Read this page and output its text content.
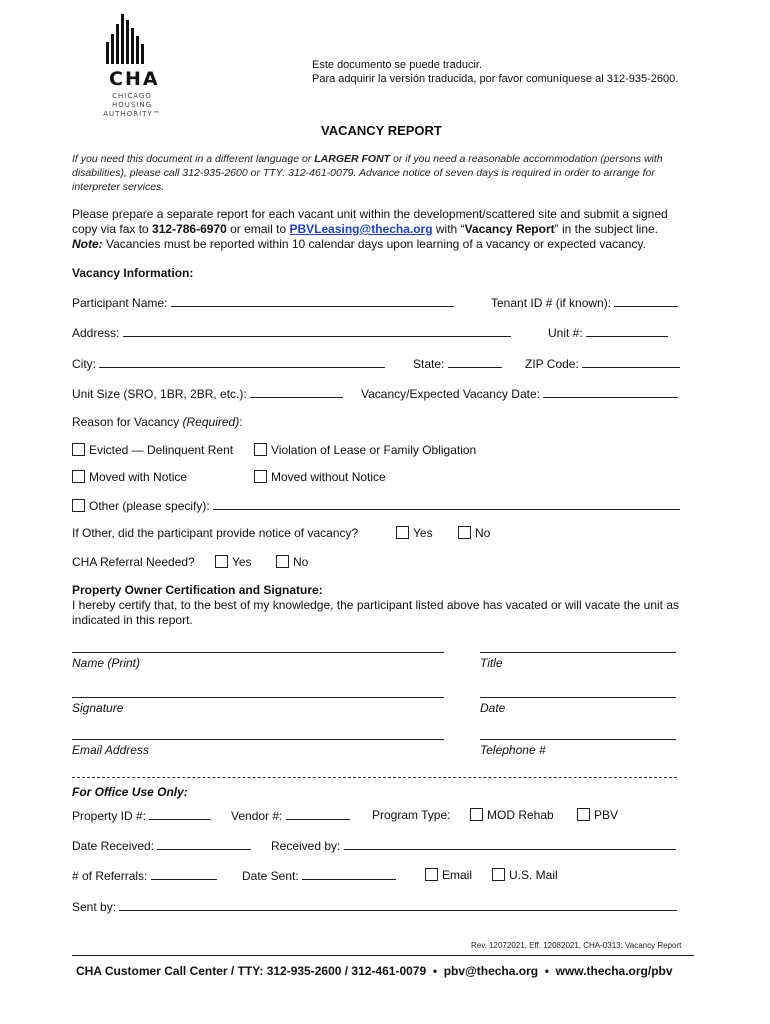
CHA
CHICAGO HOUSING AUTHORITY™
Este documento se puede traducir.
Para adquirir la versión traducida, por favor comuníquese al 312-935-2600.
VACANCY REPORT
If you need this document in a different language or LARGER FONT or if you need a reasonable accommodation (persons with disabilities), please call 312-935-2600 or TTY: 312-461-0079. Advance notice of seven days is required in order to arrange for interpreter services.
Please prepare a separate report for each vacant unit within the development/scattered site and submit a signed copy via fax to 312-786-6970 or email to PBVLeasing@thecha.org with “Vacancy Report” in the subject line.
Note: Vacancies must be reported within 10 calendar days upon learning of a vacancy or expected vacancy.
Vacancy Information:
Participant Name:	Tenant ID # (if known):
Address:	Unit #:
City:	State:	ZIP Code:
Unit Size (SRO, 1BR, 2BR, etc.):	Vacancy/Expected Vacancy Date:
Reason for Vacancy (Required):
Evicted — Delinquent Rent	Violation of Lease or Family Obligation
Moved with Notice	Moved without Notice
Other (please specify):
If Other, did the participant provide notice of vacancy?	Yes	No
CHA Referral Needed?	Yes	No
Property Owner Certification and Signature:
I hereby certify that, to the best of my knowledge, the participant listed above has vacated or will vacate the unit as indicated in this report.
Name (Print)	Title
Signature	Date
Email Address	Telephone #
For Office Use Only:
Property ID #:	Vendor #:	Program Type:	MOD Rehab	PBV
Date Received:	Received by:
# of Referrals:	Date Sent:	Email	U.S. Mail
Sent by:
Rev. 12072021, Eff. 12082021, CHA-0313: Vacancy Report
CHA Customer Call Center / TTY: 312-935-2600 / 312-461-0079 • pbv@thecha.org • www.thecha.org/pbv
